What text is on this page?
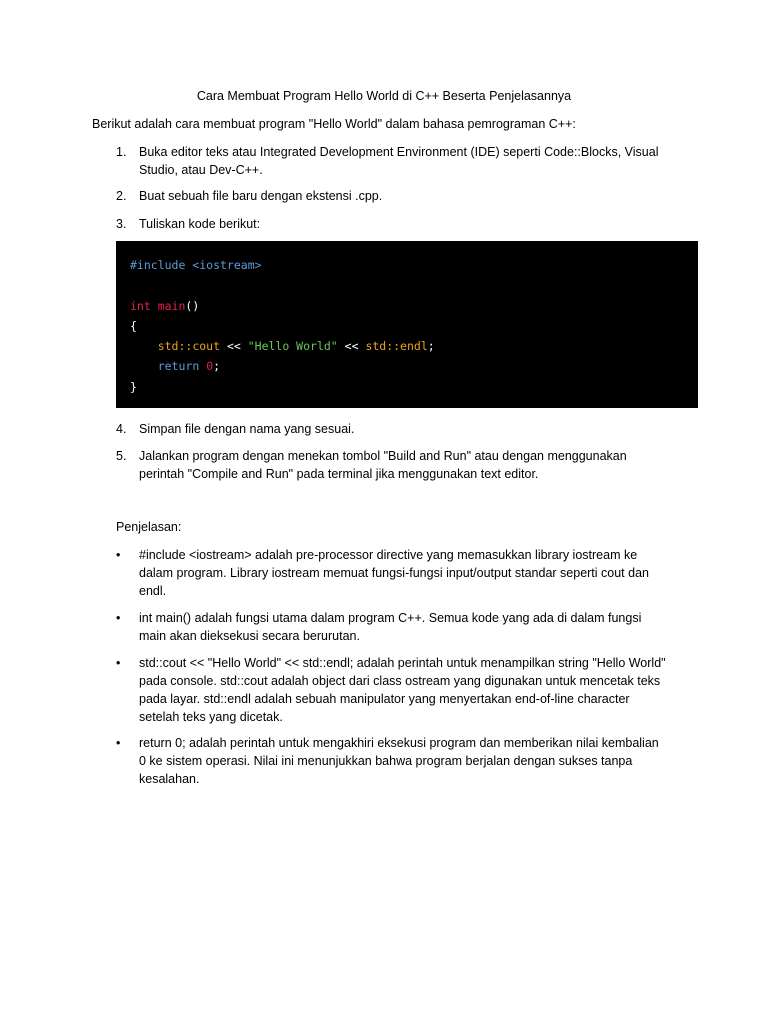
Cara Membuat Program Hello World di C++ Beserta Penjelasannya
Berikut adalah cara membuat program "Hello World" dalam bahasa pemrograman C++:
1.	Buka editor teks atau Integrated Development Environment (IDE) seperti Code::Blocks, Visual Studio, atau Dev-C++.
2.	Buat sebuah file baru dengan ekstensi .cpp.
3.	Tuliskan kode berikut:
#include <iostream>

int main()
{
std::cout << "Hello World" << std::endl;
return 0;
}
4.	Simpan file dengan nama yang sesuai.
5.	Jalankan program dengan menekan tombol "Build and Run" atau dengan menggunakan perintah "Compile and Run" pada terminal jika menggunakan text editor.
Penjelasan:
• #include <iostream> adalah pre-processor directive yang memasukkan library iostream ke dalam program. Library iostream memuat fungsi-fungsi input/output standar seperti cout dan endl.
• int main() adalah fungsi utama dalam program C++. Semua kode yang ada di dalam fungsi main akan dieksekusi secara berurutan.
• std::cout << "Hello World" << std::endl; adalah perintah untuk menampilkan string "Hello World" pada console. std::cout adalah object dari class ostream yang digunakan untuk mencetak teks pada layar. std::endl adalah sebuah manipulator yang menyertakan end-of-line character setelah teks yang dicetak.
• return 0; adalah perintah untuk mengakhiri eksekusi program dan memberikan nilai kembalian 0 ke sistem operasi. Nilai ini menunjukkan bahwa program berjalan dengan sukses tanpa kesalahan.
